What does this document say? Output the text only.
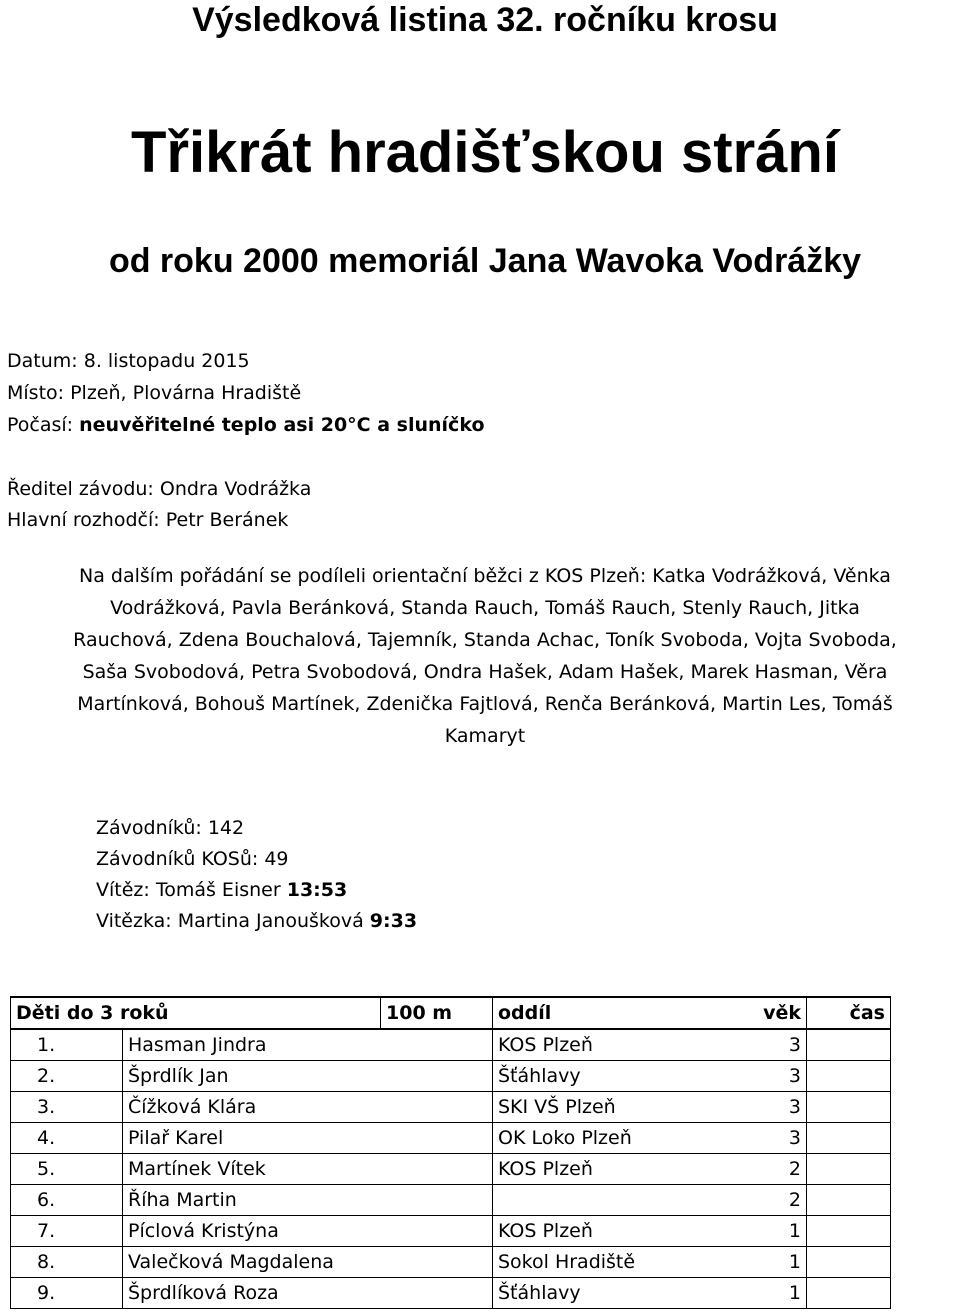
Výsledková listina 32. ročníku krosu
Třikrát hradišťskou strání
od roku 2000 memoriál Jana Wavoka Vodrážky
Datum: 8. listopadu 2015
Místo: Plzeň, Plovárna Hradiště
Počasí: neuvěřitelné teplo asi 20°C a sluníčko
Ředitel závodu: Ondra Vodrážka
Hlavní rozhodčí: Petr Beránek
Na dalším pořádání se podíleli orientační běžci z KOS Plzeň: Katka Vodrážková, Věnka
Vodrážková, Pavla Beránková, Standa Rauch, Tomáš Rauch, Stenly Rauch, Jitka
Rauchová, Zdena Bouchalová, Tajemník, Standa Achac, Toník Svoboda, Vojta Svoboda,
Saša Svobodová, Petra Svobodová, Ondra Hašek, Adam Hašek, Marek Hasman, Věra
Martínková, Bohouš Martínek, Zdenička Fajtlová, Renča Beránková, Martin Les, Tomáš
Kamaryt
Závodníků: 142
Závodníků KOSů: 49
Vítěz: Tomáš Eisner 13:53
Vitězka: Martina Janoušková 9:33
Děti do 3 roků		100 m	oddíl věk	čas
1.	Hasman Jindra		KOS Plzeň 3	
2.	Šprdlík Jan		Šťáhlavy 3	
3.	Čížková Klára		SKI VŠ Plzeň 3	
4.	Pilař Karel		OK Loko Plzeň 3	
5.	Martínek Vítek		KOS Plzeň 2	
6.	Říha Martin		2	
7.	Píclová Kristýna		KOS Plzeň 1	
8.	Valečková Magdalena		Sokol Hradiště 1	
9.	Šprdlíková Roza		Šťáhlavy 1	
